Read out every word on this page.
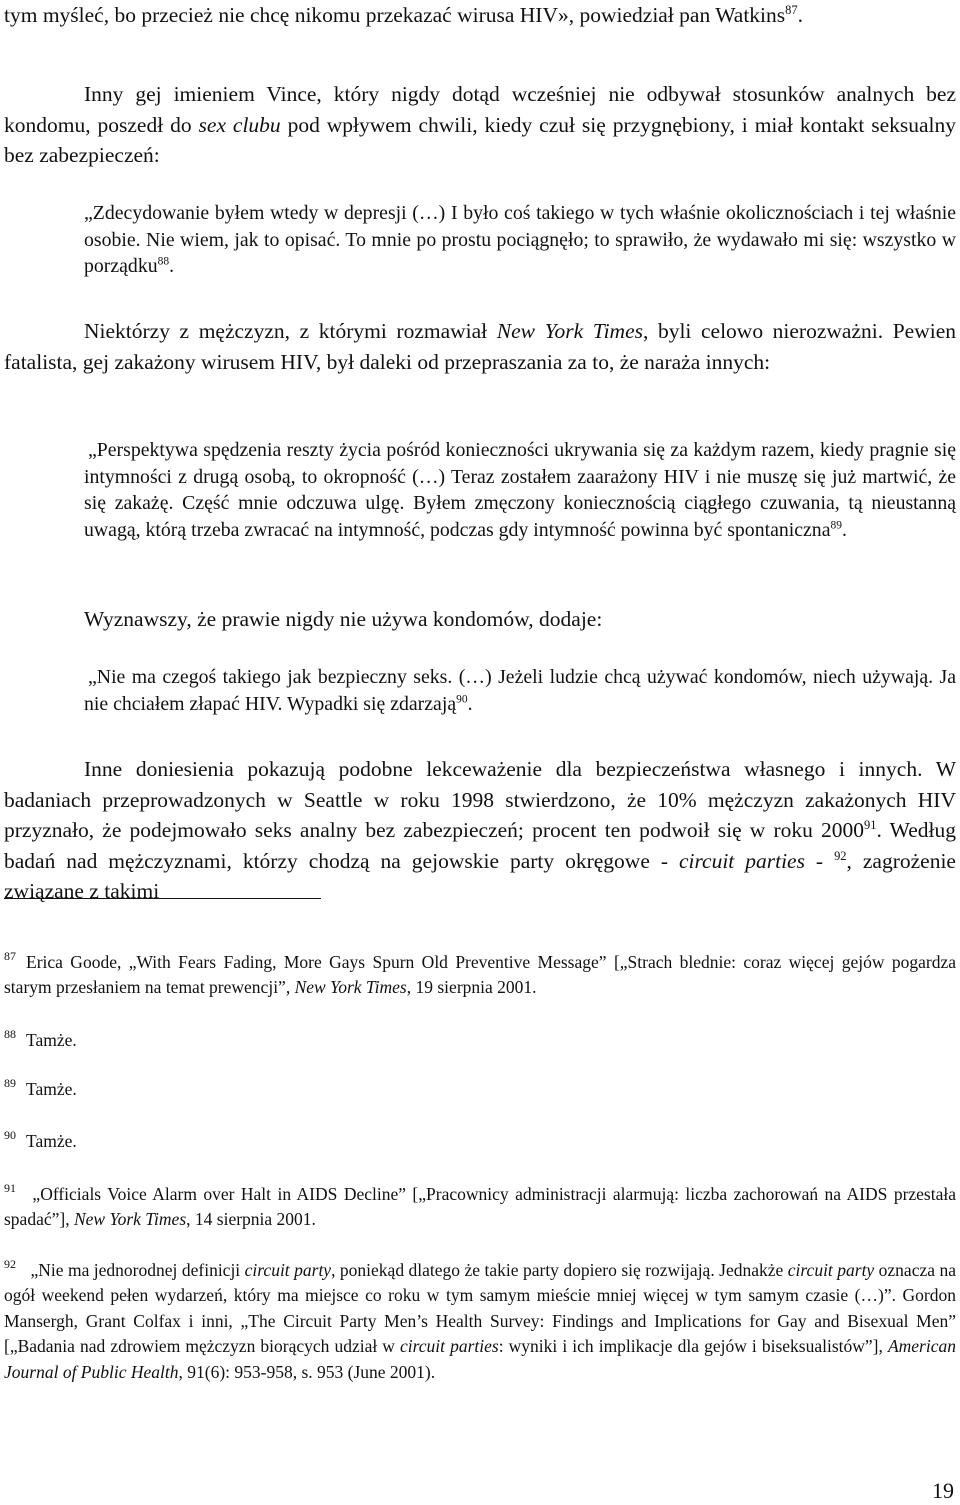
tym myśleć, bo przecież nie chcę nikomu przekazać wirusa HIV», powiedział pan Watkins$^{87}$.

Inny gej imieniem Vince, który nigdy dotąd wcześniej nie odbywał stosunków analnych bez kondomu, poszedł do sex clubu pod wpływem chwili, kiedy czuł się przygnębiony, i miał kontakt seksualny bez zabezpieczeń:

„Zdecydowanie byłem wtedy w depresji (…) I było coś takiego w tych właśnie okolicznościach i tej właśnie osobie. Nie wiem, jak to opisać. To mnie po prostu pociągnęło; to sprawiło, że wydawało mi się: wszystko w porządku$^{88}$.

Niektórzy z mężczyzn, z którymi rozmawiał New York Times, byli celowo nierozważni. Pewien fatalista, gej zakażony wirusem HIV, był daleki od przepraszania za to, że naraża innych:

„Perspektywa spędzenia reszty życia pośród konieczności ukrywania się za każdym razem, kiedy pragnie się intymności z drugą osobą, to okropność (…) Teraz zostałem zaarażony HIV i nie muszę się już martwić, że się zakażę. Część mnie odczuwa ulgę. Byłem zmęczony koniecznością ciągłego czuwania, tą nieustanną uwagą, którą trzeba zwracać na intymność, podczas gdy intymność powinna być spontaniczna$^{89}$.

Wyznawszy, że prawie nigdy nie używa kondomów, dodaje:

„Nie ma czegoś takiego jak bezpieczny seks. (…) Jeżeli ludzie chcą używać kondomów, niech używają. Ja nie chciałem złapać HIV. Wypadki się zdarzają$^{90}$.

Inne doniesienia pokazują podobne lekceważenie dla bezpieczeństwa własnego i innych. W badaniach przeprowadzonych w Seattle w roku 1998 stwierdzono, że 10% mężczyzn zakażonych HIV przyznało, że podejmowało seks analny bez zabezpieczeń; procent ten podwoił się w roku 2000$^{91}$. Według badań nad mężczyznami, którzy chodzą na gejowskie party okręgowe - circuit parties - $^{92}$, zagrożenie związane z takimi

$^{87}$ Erica Goode, „With Fears Fading, More Gays Spurn Old Preventive Message” [„Strach blednie: coraz więcej gejów pogardza starym przesłaniem na temat prewencji”, New York Times, 19 sierpnia 2001.

$^{88}$ Tamże.

$^{89}$ Tamże.

$^{90}$ Tamże.

$^{91}$ „Officials Voice Alarm over Halt in AIDS Decline” [„Pracownicy administracji alarmują: liczba zachorowań na AIDS przestała spadać”], New York Times, 14 sierpnia 2001.

$^{92}$ „Nie ma jednorodnej definicji circuit party, poniekąd dlatego że takie party dopiero się rozwijają. Jednakże circuit party oznacza na ogół weekend pełen wydarzeń, który ma miejsce co roku w tym samym mieście mniej więcej w tym samym czasie (…)”. Gordon Mansergh, Grant Colfax i inni, „The Circuit Party Men’s Health Survey: Findings and Implications for Gay and Bisexual Men” [„Badania nad zdrowiem mężczyzn biorących udział w circuit parties: wyniki i ich implikacje dla gejów i biseksualistów”], American Journal of Public Health, 91(6): 953-958, s. 953 (June 2001).

19
